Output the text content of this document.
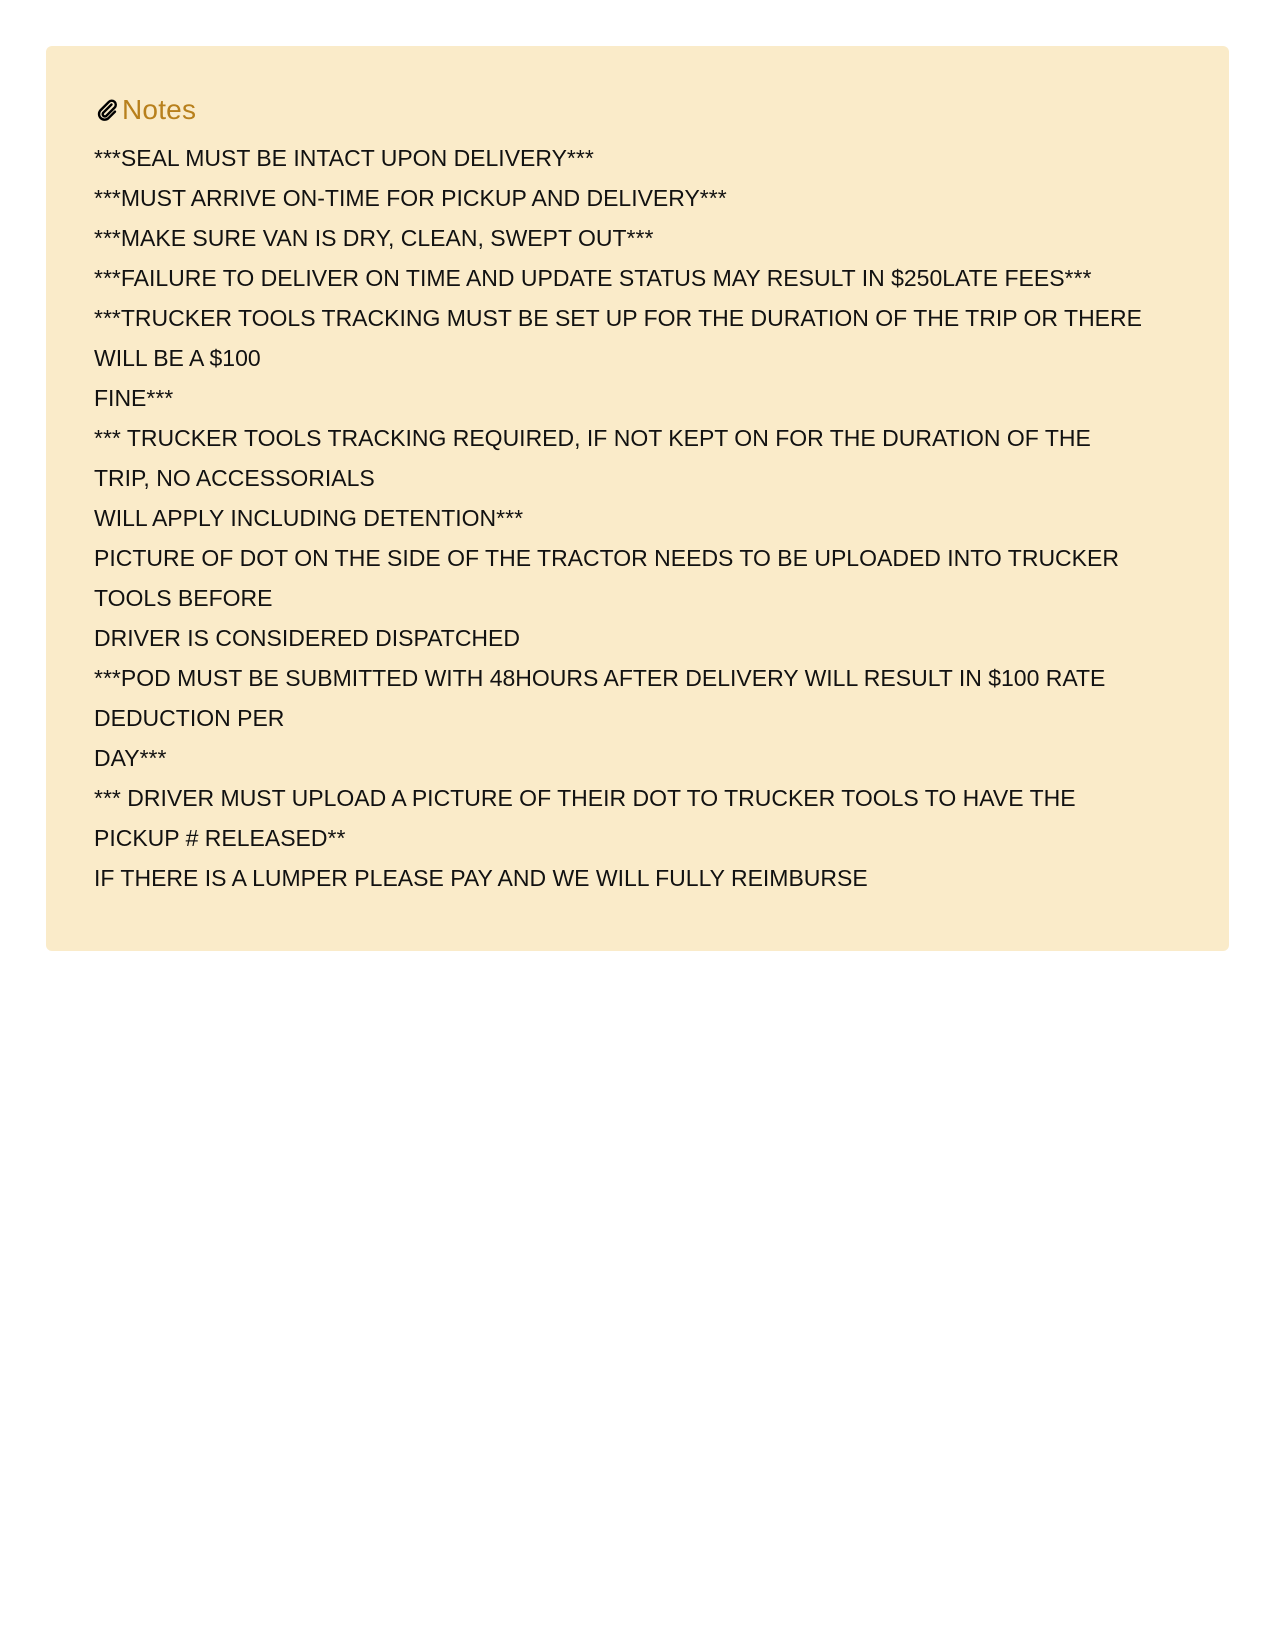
Notes
***SEAL MUST BE INTACT UPON DELIVERY***
***MUST ARRIVE ON-TIME FOR PICKUP AND DELIVERY***
***MAKE SURE VAN IS DRY, CLEAN, SWEPT OUT***
***FAILURE TO DELIVER ON TIME AND UPDATE STATUS MAY RESULT IN $250LATE FEES***
***TRUCKER TOOLS TRACKING MUST BE SET UP FOR THE DURATION OF THE TRIP OR THERE
WILL BE A $100
FINE***
*** TRUCKER TOOLS TRACKING REQUIRED, IF NOT KEPT ON FOR THE DURATION OF THE
TRIP, NO ACCESSORIALS
WILL APPLY INCLUDING DETENTION***
PICTURE OF DOT ON THE SIDE OF THE TRACTOR NEEDS TO BE UPLOADED INTO TRUCKER
TOOLS BEFORE
DRIVER IS CONSIDERED DISPATCHED
***POD MUST BE SUBMITTED WITH 48HOURS AFTER DELIVERY WILL RESULT IN $100 RATE
DEDUCTION PER
DAY***
*** DRIVER MUST UPLOAD A PICTURE OF THEIR DOT TO TRUCKER TOOLS TO HAVE THE
PICKUP # RELEASED**
IF THERE IS A LUMPER PLEASE PAY AND WE WILL FULLY REIMBURSE
